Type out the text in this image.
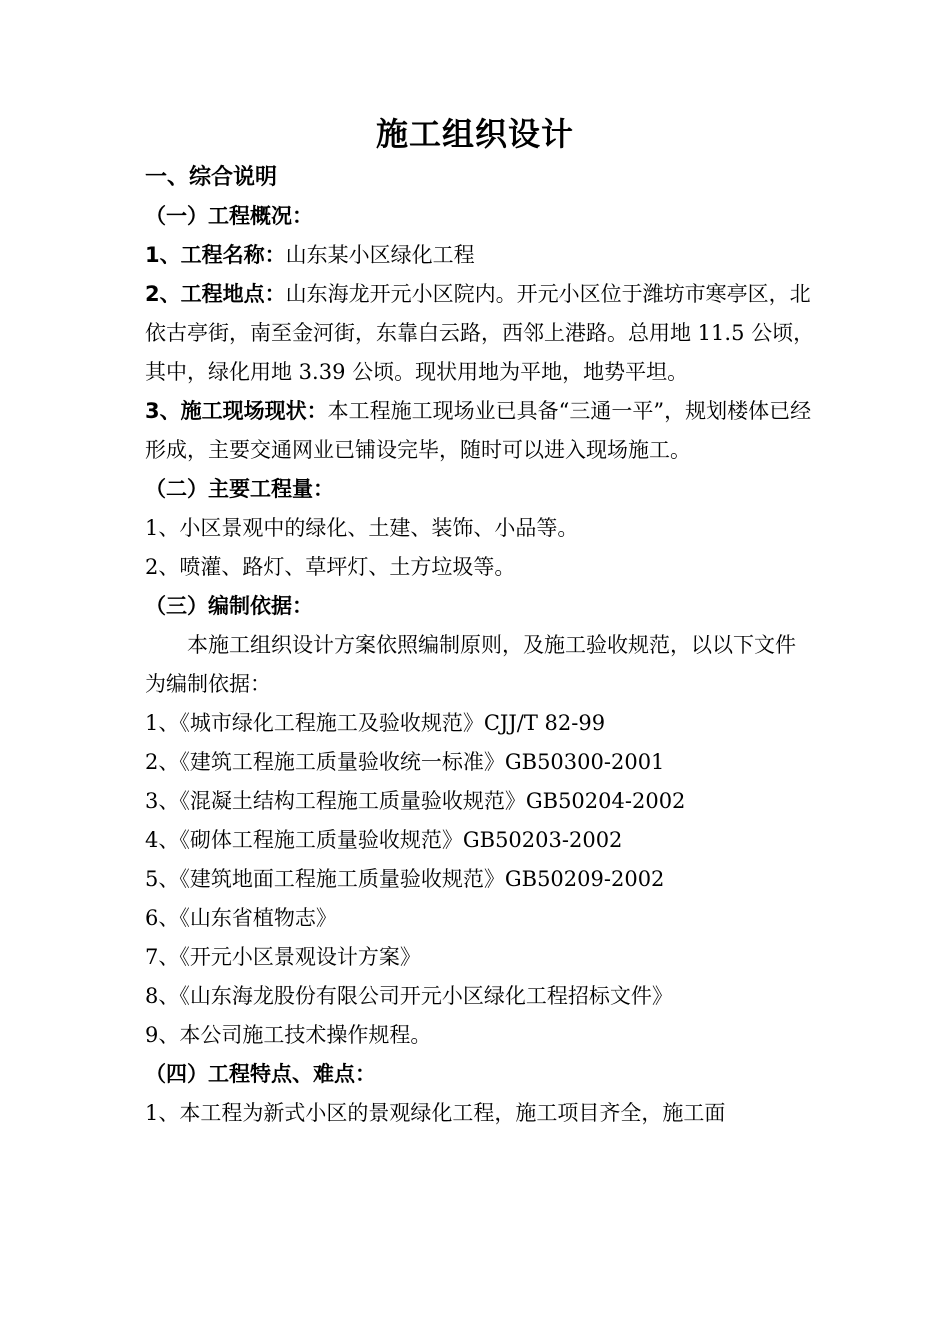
施工组织设计

一、综合说明

（一）工程概况：

1、工程名称：山东某小区绿化工程

2、工程地点：山东海龙开元小区院内。开元小区位于潍坊市寒亭区，北依古亭街，南至金河街，东靠白云路，西邻上港路。总用地 11.5 公顷，其中，绿化用地 3.39 公顷。现状用地为平地，地势平坦。

3、施工现场现状：本工程施工现场业已具备“三通一平”，规划楼体已经形成，主要交通网业已铺设完毕，随时可以进入现场施工。

（二）主要工程量：

1、小区景观中的绿化、土建、装饰、小品等。

2、喷灌、路灯、草坪灯、土方垃圾等。

（三）编制依据：

本施工组织设计方案依照编制原则，及施工验收规范，以以下文件为编制依据：

1、《城市绿化工程施工及验收规范》CJJ/T 82-99

2、《建筑工程施工质量验收统一标准》GB50300-2001

3、《混凝土结构工程施工质量验收规范》GB50204-2002

4、《砌体工程施工质量验收规范》GB50203-2002

5、《建筑地面工程施工质量验收规范》GB50209-2002

6、《山东省植物志》

7、《开元小区景观设计方案》

8、《山东海龙股份有限公司开元小区绿化工程招标文件》

9、本公司施工技术操作规程。

（四）工程特点、难点：

1、本工程为新式小区的景观绿化工程，施工项目齐全，施工面
